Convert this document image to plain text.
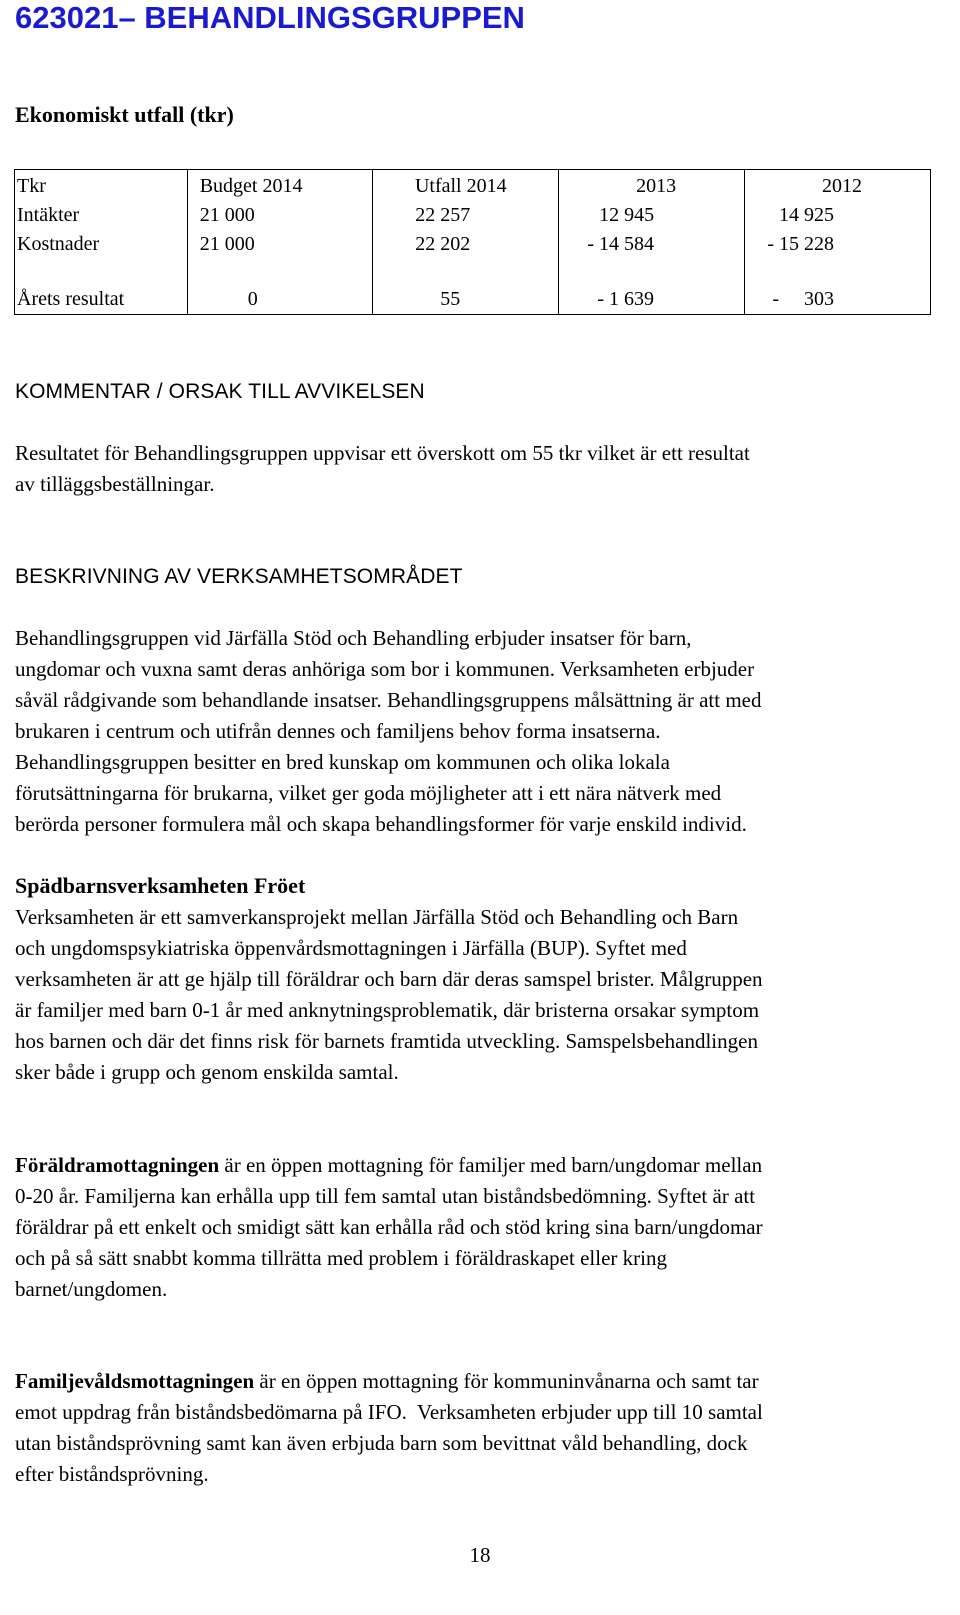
623021– BEHANDLINGSGRUPPEN
Ekonomiskt utfall (tkr)
Tkr	Budget 2014	Utfall 2014	2013	2012
Intäkter	21 000	22 257	12 945	14 925
Kostnader	21 000	22 202	- 14 584	- 15 228
Årets resultat	0	55	- 1 639	-     303
KOMMENTAR / ORSAK TILL AVVIKELSEN

Resultatet för Behandlingsgruppen uppvisar ett överskott om 55 tkr vilket är ett resultat
av tilläggsbeställningar.

BESKRIVNING AV VERKSAMHETSOMRÅDET

Behandlingsgruppen vid Järfälla Stöd och Behandling erbjuder insatser för barn,
ungdomar och vuxna samt deras anhöriga som bor i kommunen. Verksamheten erbjuder
såväl rådgivande som behandlande insatser. Behandlingsgruppens målsättning är att med
brukaren i centrum och utifrån dennes och familjens behov forma insatserna.
Behandlingsgruppen besitter en bred kunskap om kommunen och olika lokala
förutsättningarna för brukarna, vilket ger goda möjligheter att i ett nära nätverk med
berörda personer formulera mål och skapa behandlingsformer för varje enskild individ.

Spädbarnsverksamheten Fröet

Verksamheten är ett samverkansprojekt mellan Järfälla Stöd och Behandling och Barn
och ungdomspsykiatriska öppenvårdsmottagningen i Järfälla (BUP). Syftet med
verksamheten är att ge hjälp till föräldrar och barn där deras samspel brister. Målgruppen
är familjer med barn 0-1 år med anknytningsproblematik, där bristerna orsakar symptom
hos barnen och där det finns risk för barnets framtida utveckling. Samspelsbehandlingen
sker både i grupp och genom enskilda samtal.

Föräldramottagningen är en öppen mottagning för familjer med barn/ungdomar mellan
0-20 år. Familjerna kan erhålla upp till fem samtal utan biståndsbedömning. Syftet är att
föräldrar på ett enkelt och smidigt sätt kan erhålla råd och stöd kring sina barn/ungdomar
och på så sätt snabbt komma tillrätta med problem i föräldraskapet eller kring
barnet/ungdomen.

Familjevåldsmottagningen är en öppen mottagning för kommuninvånarna och samt tar
emot uppdrag från biståndsbedömarna på IFO.  Verksamheten erbjuder upp till 10 samtal
utan biståndsprövning samt kan även erbjuda barn som bevittnat våld behandling, dock
efter biståndsprövning.

18
